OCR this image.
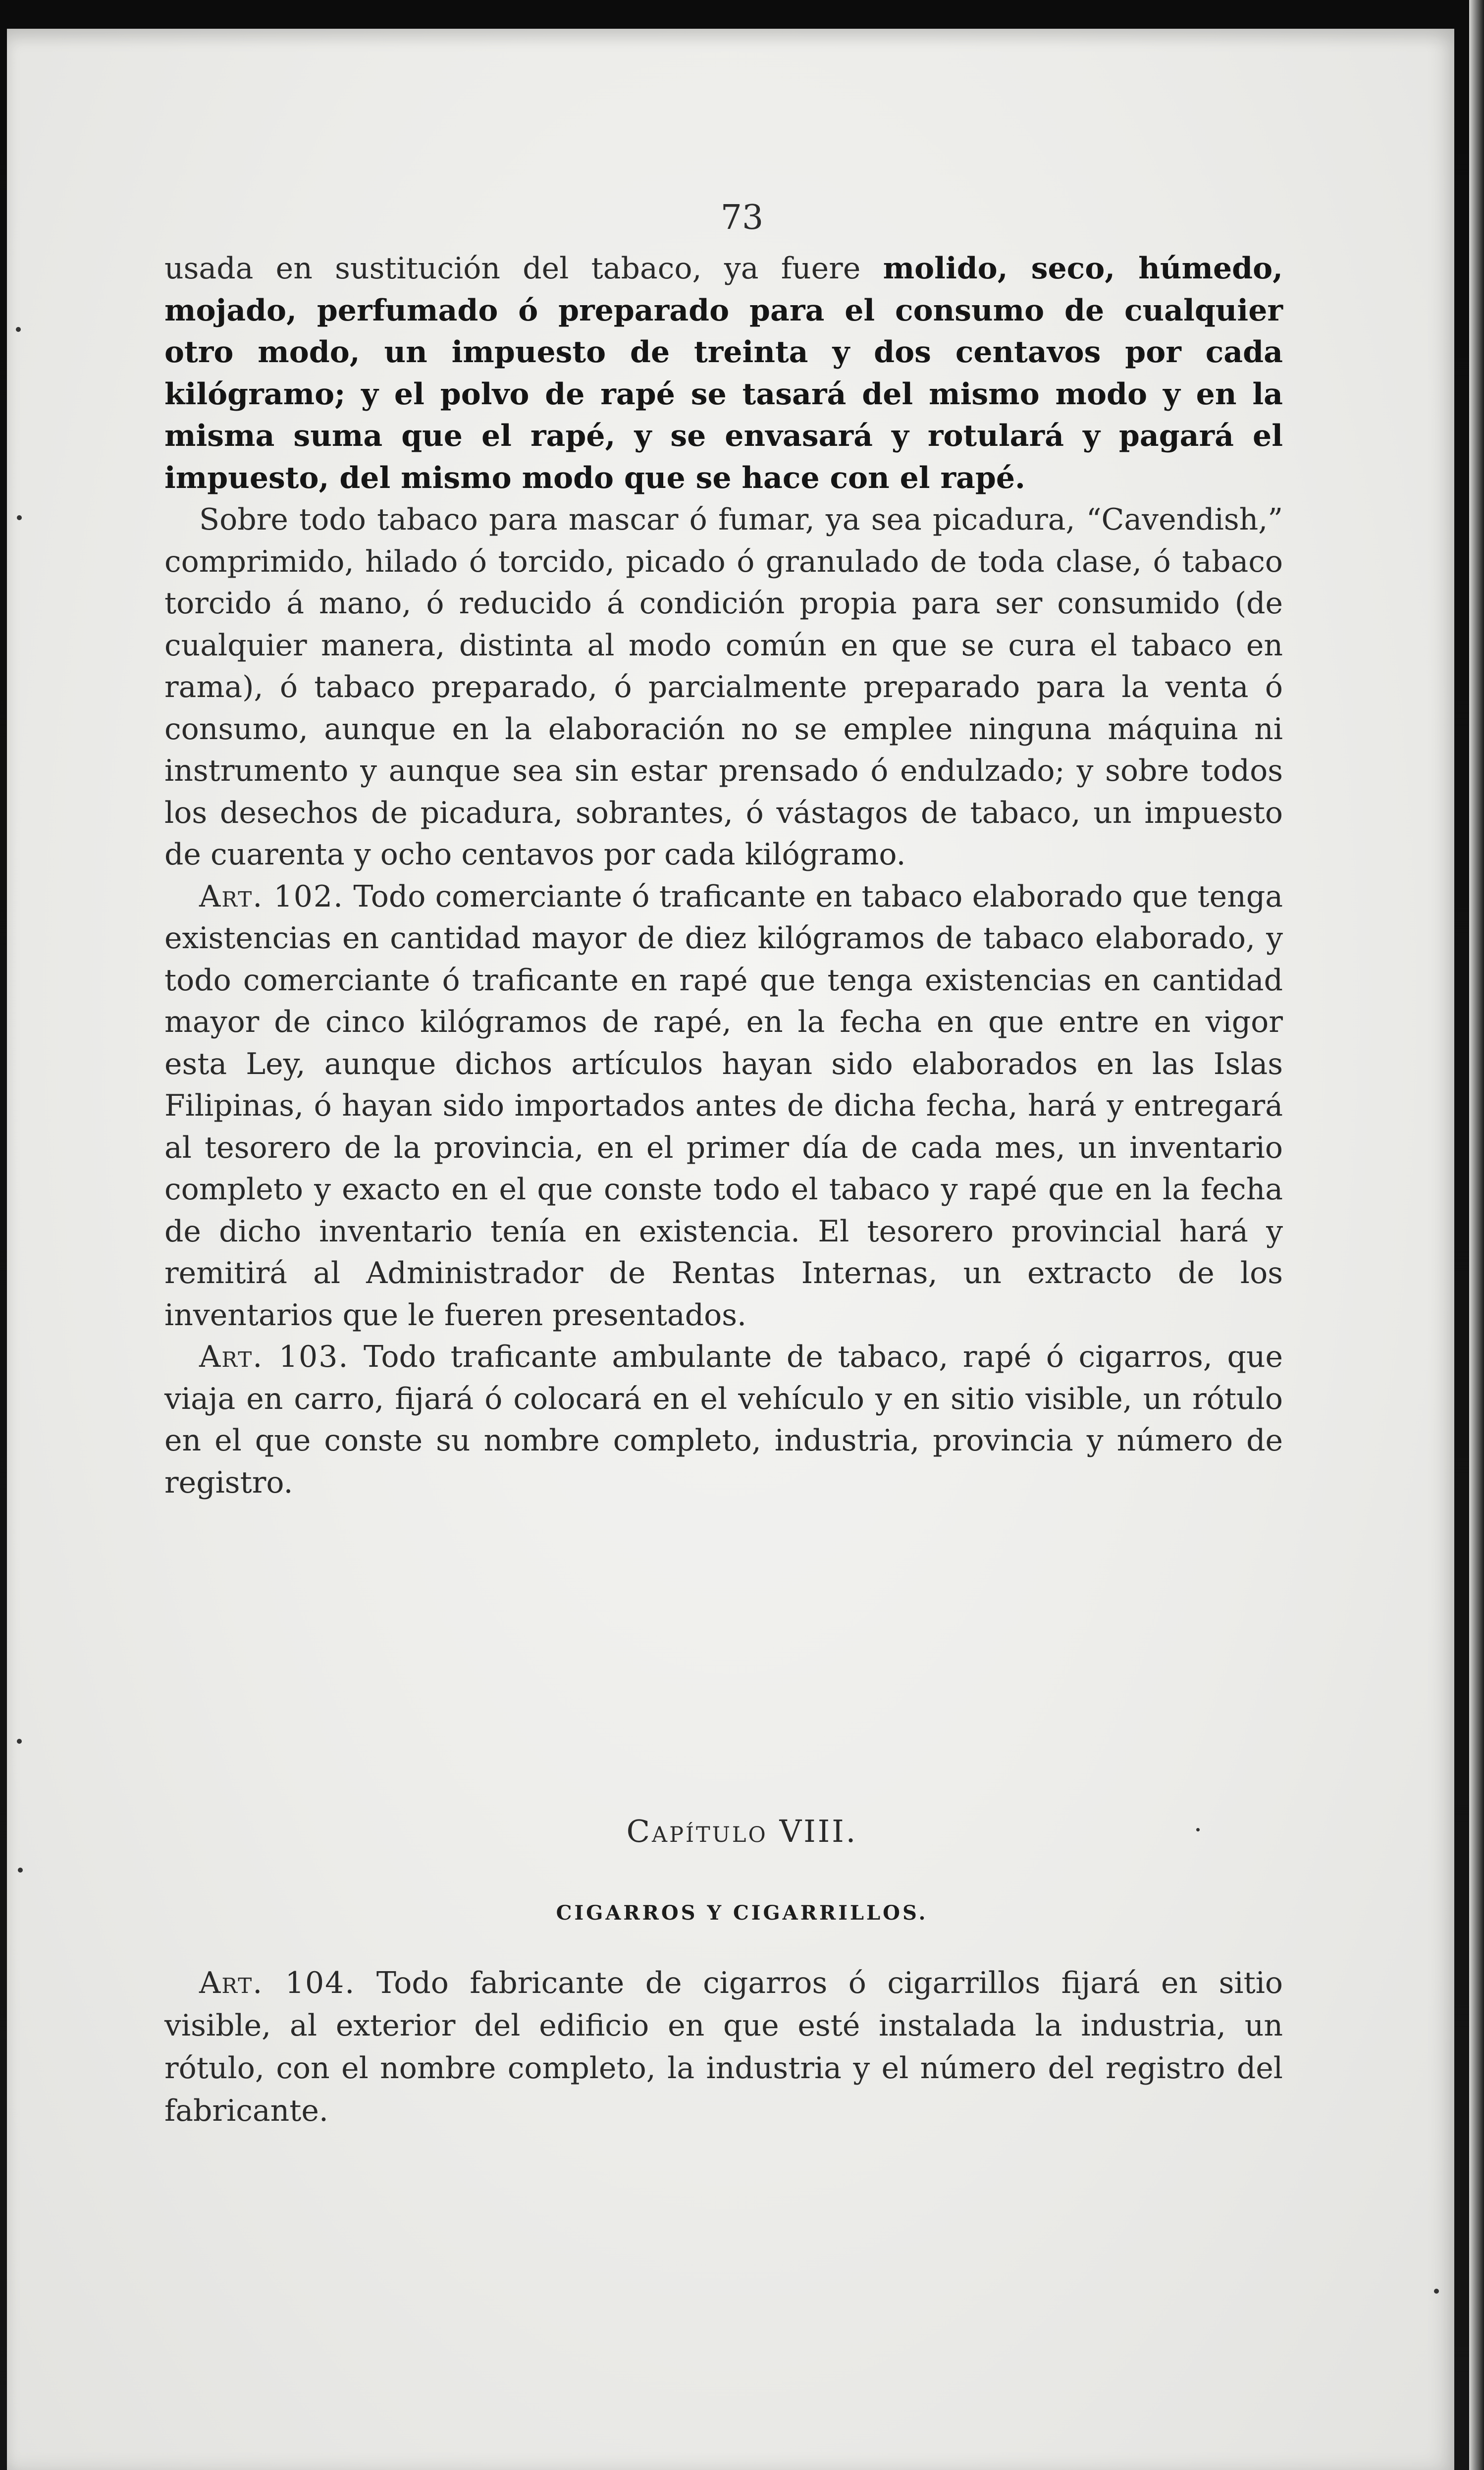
73

usada en sustitución del tabaco, ya fuere molido, seco, húmedo, mojado, perfumado ó preparado para el consumo de cualquier otro modo, un impuesto de treinta y dos centavos por cada kilógramo; y el polvo de rapé se tasará del mismo modo y en la misma suma que el rapé, y se envasará y rotulará y pagará el impuesto, del mismo modo que se hace con el rapé.

Sobre todo tabaco para mascar ó fumar, ya sea picadura, “Cavendish,” comprimido, hilado ó torcido, picado ó granulado de toda clase, ó tabaco torcido á mano, ó reducido á condición propia para ser consumido (de cualquier manera, distinta al modo común en que se cura el tabaco en rama), ó tabaco preparado, ó parcialmente preparado para la venta ó consumo, aunque en la elaboración no se emplee ninguna máquina ni instrumento y aunque sea sin estar prensado ó endulzado; y sobre todos los desechos de picadura, sobrantes, ó vástagos de tabaco, un impuesto de cuarenta y ocho centavos por cada kilógramo.

Art. 102. Todo comerciante ó traficante en tabaco elaborado que tenga existencias en cantidad mayor de diez kilógramos de tabaco elaborado, y todo comerciante ó traficante en rapé que tenga existencias en cantidad mayor de cinco kilógramos de rapé, en la fecha en que entre en vigor esta Ley, aunque dichos artículos hayan sido elaborados en las Islas Filipinas, ó hayan sido importados antes de dicha fecha, hará y entregará al tesorero de la provincia, en el primer día de cada mes, un inventario completo y exacto en el que conste todo el tabaco y rapé que en la fecha de dicho inventario tenía en existencia. El tesorero provincial hará y remitirá al Administrador de Rentas Internas, un extracto de los inventarios que le fueren presentados.

Art. 103. Todo traficante ambulante de tabaco, rapé ó cigarros, que viaja en carro, fijará ó colocará en el vehículo y en sitio visible, un rótulo en el que conste su nombre completo, industria, provincia y número de registro.

Capítulo VIII.
CIGARROS Y CIGARRILLOS.

Art. 104. Todo fabricante de cigarros ó cigarrillos fijará en sitio visible, al exterior del edificio en que esté instalada la industria, un rótulo, con el nombre completo, la industria y el número del registro del fabricante.
